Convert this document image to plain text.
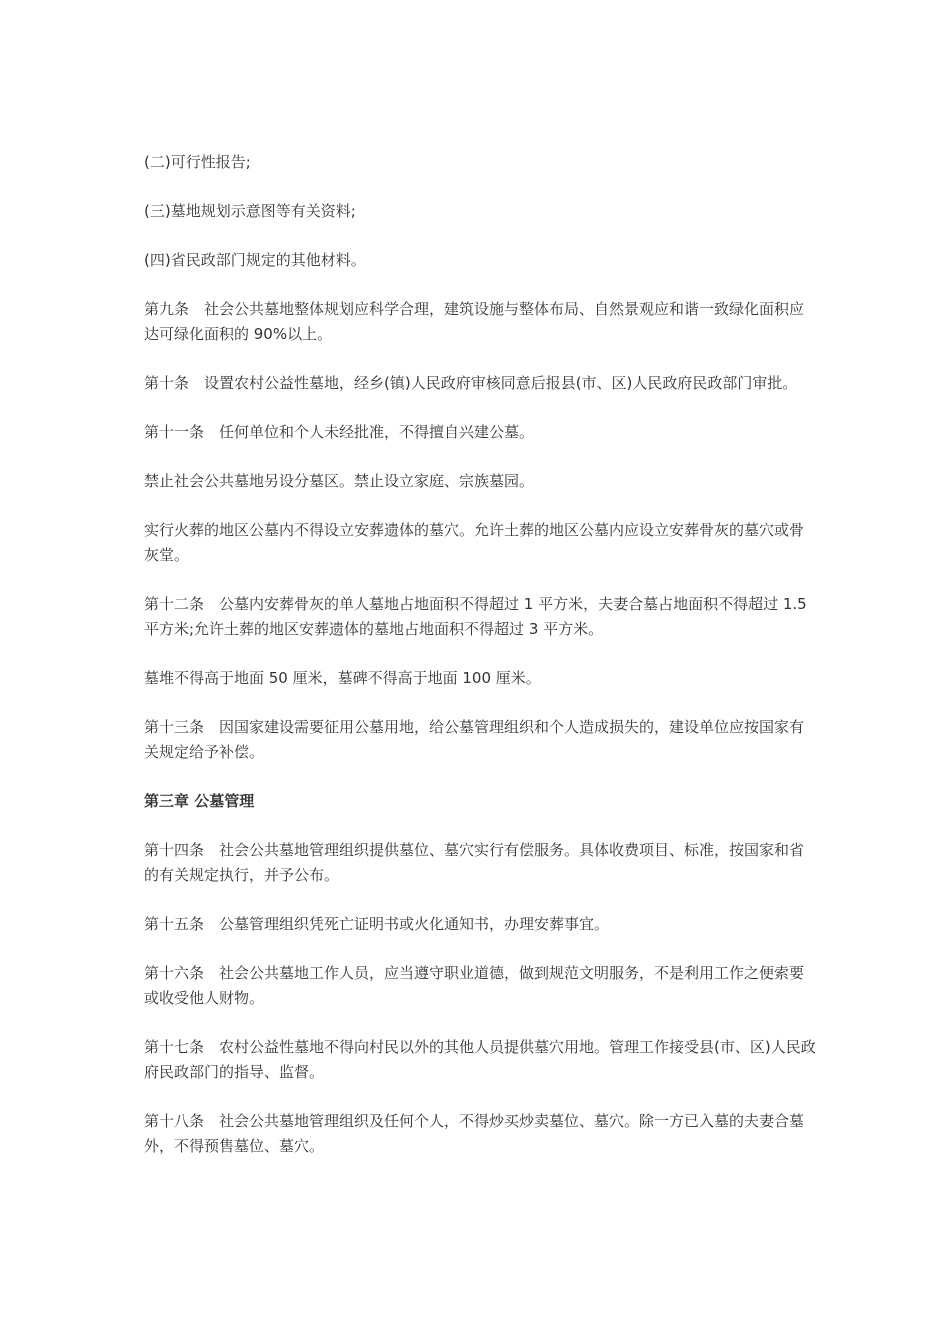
(二)可行性报告;

(三)墓地规划示意图等有关资料;

(四)省民政部门规定的其他材料。

第九条　社会公共墓地整体规划应科学合理，建筑设施与整体布局、自然景观应和谐一致绿化面积应达可绿化面积的 90%以上。

第十条　设置农村公益性墓地，经乡(镇)人民政府审核同意后报县(市、区)人民政府民政部门审批。

第十一条　任何单位和个人未经批准，不得擅自兴建公墓。

禁止社会公共墓地另设分墓区。禁止设立家庭、宗族墓园。

实行火葬的地区公墓内不得设立安葬遗体的墓穴。允许土葬的地区公墓内应设立安葬骨灰的墓穴或骨灰堂。

第十二条　公墓内安葬骨灰的单人墓地占地面积不得超过 1 平方米，夫妻合墓占地面积不得超过 1.5 平方米;允许土葬的地区安葬遗体的墓地占地面积不得超过 3 平方米。

墓堆不得高于地面 50 厘米，墓碑不得高于地面 100 厘米。

第十三条　因国家建设需要征用公墓用地，给公墓管理组织和个人造成损失的，建设单位应按国家有关规定给予补偿。

第三章 公墓管理

第十四条　社会公共墓地管理组织提供墓位、墓穴实行有偿服务。具体收费项目、标准，按国家和省的有关规定执行，并予公布。

第十五条　公墓管理组织凭死亡证明书或火化通知书，办理安葬事宜。

第十六条　社会公共墓地工作人员，应当遵守职业道德，做到规范文明服务，不是利用工作之便索要或收受他人财物。

第十七条　农村公益性墓地不得向村民以外的其他人员提供墓穴用地。管理工作接受县(市、区)人民政府民政部门的指导、监督。

第十八条　社会公共墓地管理组织及任何个人，不得炒买炒卖墓位、墓穴。除一方已入墓的夫妻合墓外，不得预售墓位、墓穴。
